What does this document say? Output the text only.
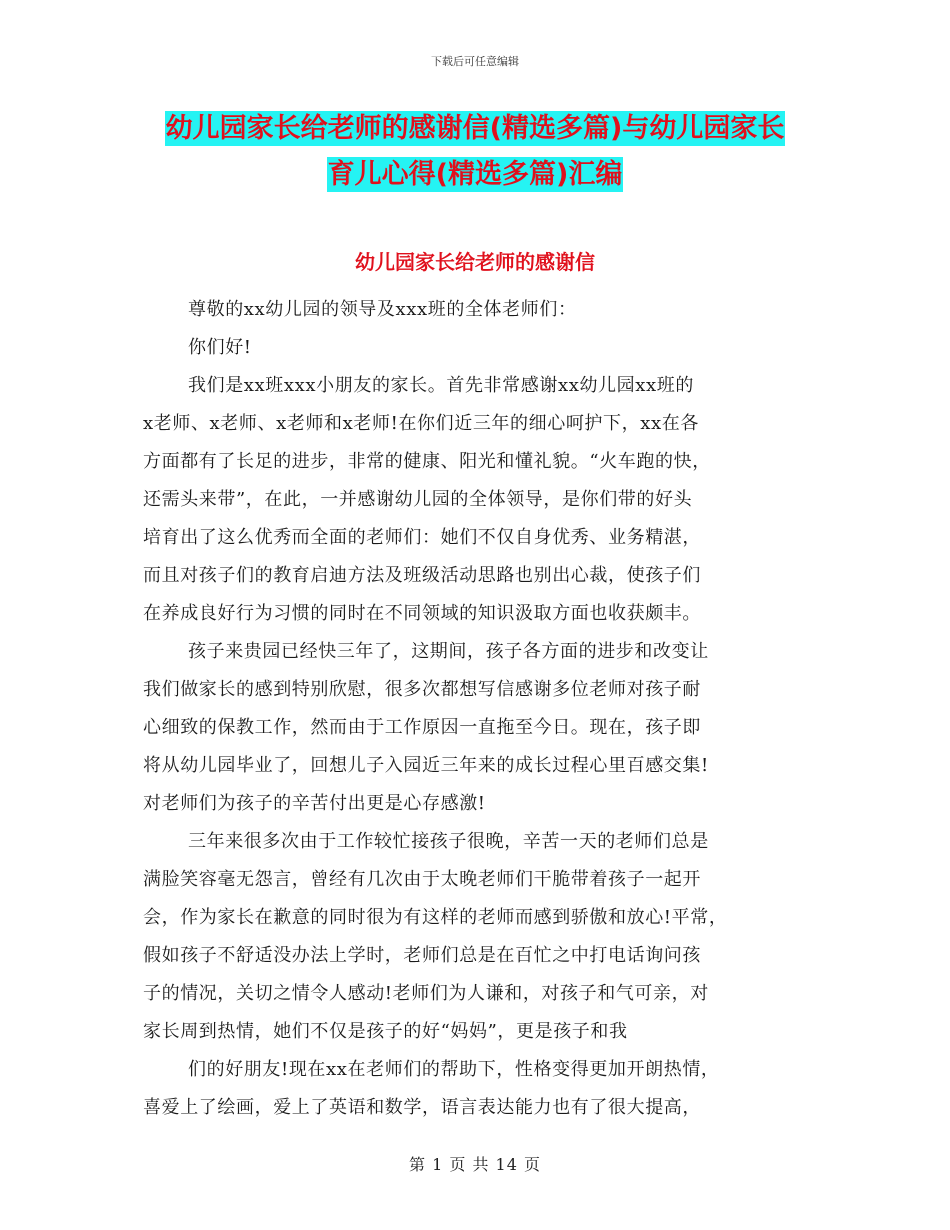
下载后可任意编辑
幼儿园家长给老师的感谢信(精选多篇)与幼儿园家长
育儿心得(精选多篇)汇编
幼儿园家长给老师的感谢信
尊敬的xx幼儿园的领导及xxx班的全体老师们：
你们好!
我们是xx班xxx小朋友的家长。首先非常感谢xx幼儿园xx班的
x老师、x老师、x老师和x老师!在你们近三年的细心呵护下，xx在各
方面都有了长足的进步，非常的健康、阳光和懂礼貌。“火车跑的快，
还需头来带”，在此，一并感谢幼儿园的全体领导，是你们带的好头
培育出了这么优秀而全面的老师们：她们不仅自身优秀、业务精湛，
而且对孩子们的教育启迪方法及班级活动思路也别出心裁，使孩子们
在养成良好行为习惯的同时在不同领域的知识汲取方面也收获颇丰。
孩子来贵园已经快三年了，这期间，孩子各方面的进步和改变让
我们做家长的感到特别欣慰，很多次都想写信感谢多位老师对孩子耐
心细致的保教工作，然而由于工作原因一直拖至今日。现在，孩子即
将从幼儿园毕业了，回想儿子入园近三年来的成长过程心里百感交集!
对老师们为孩子的辛苦付出更是心存感激!
三年来很多次由于工作较忙接孩子很晚，辛苦一天的老师们总是
满脸笑容毫无怨言，曾经有几次由于太晚老师们干脆带着孩子一起开
会，作为家长在歉意的同时很为有这样的老师而感到骄傲和放心!平常，
假如孩子不舒适没办法上学时，老师们总是在百忙之中打电话询问孩
子的情况，关切之情令人感动!老师们为人谦和，对孩子和气可亲，对
家长周到热情，她们不仅是孩子的好“妈妈”，更是孩子和我
们的好朋友!现在xx在老师们的帮助下，性格变得更加开朗热情，
喜爱上了绘画，爱上了英语和数学，语言表达能力也有了很大提高，
第 1 页 共 14 页
